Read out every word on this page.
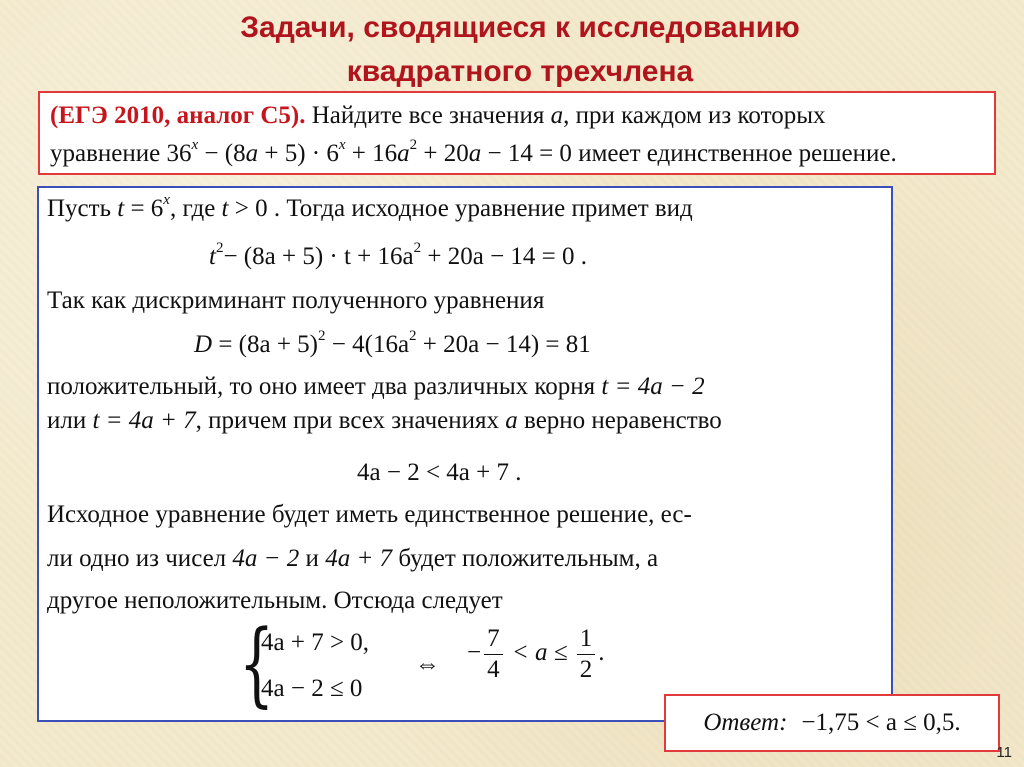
Задачи, сводящиеся к исследованию
квадратного трехчлена
(ЕГЭ 2010, аналог С5). Найдите все значения a, при каждом из которых
уравнение $36^x - (8a + 5) \cdot 6^x + 16a^2 + 20a - 14 = 0$ имеет единственное решение.
Пусть $t = 6^x$, где t > 0 . Тогда исходное уравнение примет вид
$t^2- (8a + 5) \cdot t + 16a^2 + 20a - 14 = 0$ .
Так как дискриминант полученного уравнения
$D = (8a + 5)^2 - 4(16a^2 + 20a - 14) = 81$
положительный, то оно имеет два различных корня t = 4a − 2
или t = 4a + 7, причем при всех значениях a верно неравенство
4a − 2 < 4a + 7 .
Исходное уравнение будет иметь единственное решение, ес-
ли одно из чисел 4a − 2 и 4a + 7 будет положительным, а
другое неположительным. Отсюда следует
{
4a + 7 > 0,
4a − 2 ≤ 0
⇔ − $\frac{7}{4} < a \le \frac{1}{2}$ .
Ответ: −1,75 < a ≤ 0,5.
11
